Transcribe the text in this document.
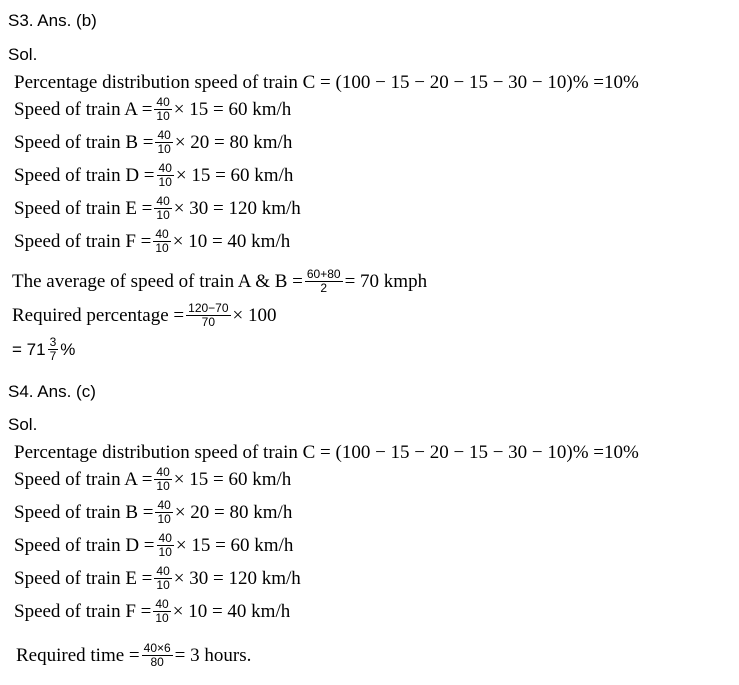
S3. Ans. (b)
Sol.
Percentage distribution speed of train C = (100 − 15 − 20 − 15 − 30 − 10)% =10%
Speed of train $A = \frac{40}{10} \times 15 = 60$ km/h
Speed of train $B = \frac{40}{10} \times 20 = 80$ km/h
Speed of train $D = \frac{40}{10} \times 15 = 60$ km/h
Speed of train $E = \frac{40}{10} \times 30 = 120$ km/h
Speed of train $F = \frac{40}{10} \times 10 = 40$ km/h
The average of speed of train A & $B = \frac{60+80}{2} = 70$ kmph
Required percentage = $\frac{120-70}{70} \times 100$
= $71 \frac{3}{7}$ %
S4. Ans. (c)
Sol.
Percentage distribution speed of train C = (100 − 15 − 20 − 15 − 30 − 10)% =10%
Speed of train $A = \frac{40}{10} \times 15 = 60$ km/h
Speed of train $B = \frac{40}{10} \times 20 = 80$ km/h
Speed of train $D = \frac{40}{10} \times 15 = 60$ km/h
Speed of train $E = \frac{40}{10} \times 30 = 120$ km/h
Speed of train $F = \frac{40}{10} \times 10 = 40$ km/h
Required time = $\frac{40\times 6}{80} = 3$ hours.
